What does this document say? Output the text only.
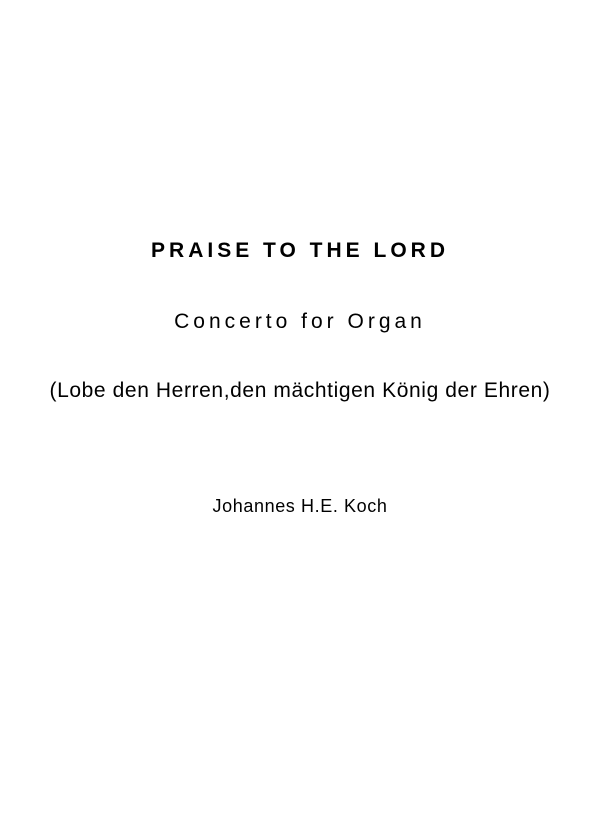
PRAISE TO THE LORD
Concerto for Organ
(Lobe den Herren,den mächtigen König der Ehren)
Johannes H.E. Koch
